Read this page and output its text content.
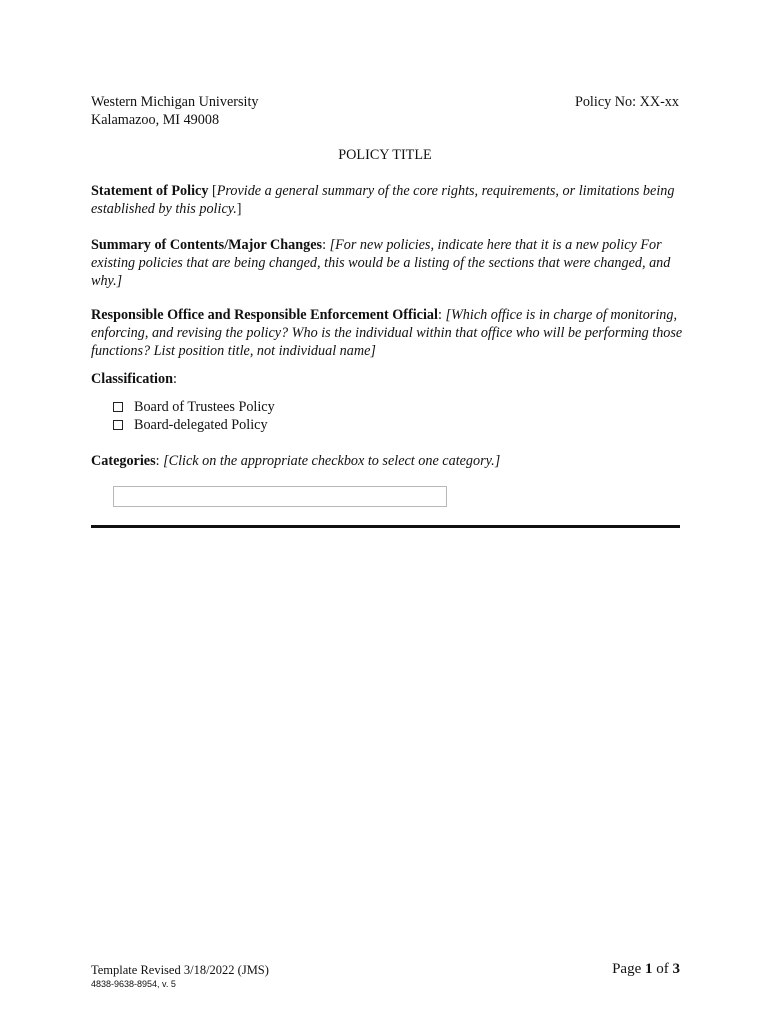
Western Michigan University
Kalamazoo, MI 49008
Policy No: XX-xx
POLICY TITLE
Statement of Policy [Provide a general summary of the core rights, requirements, or limitations being established by this policy.]
Summary of Contents/Major Changes: [For new policies, indicate here that it is a new policy For existing policies that are being changed, this would be a listing of the sections that were changed, and why.]
Responsible Office and Responsible Enforcement Official: [Which office is in charge of monitoring, enforcing, and revising the policy? Who is the individual within that office who will be performing those functions? List position title, not individual name]
Classification:
Board of Trustees Policy
Board-delegated Policy
Categories: [Click on the appropriate checkbox to select one category.]
Template Revised 3/18/2022 (JMS)
4838-9638-8954, v. 5
Page 1 of 3
